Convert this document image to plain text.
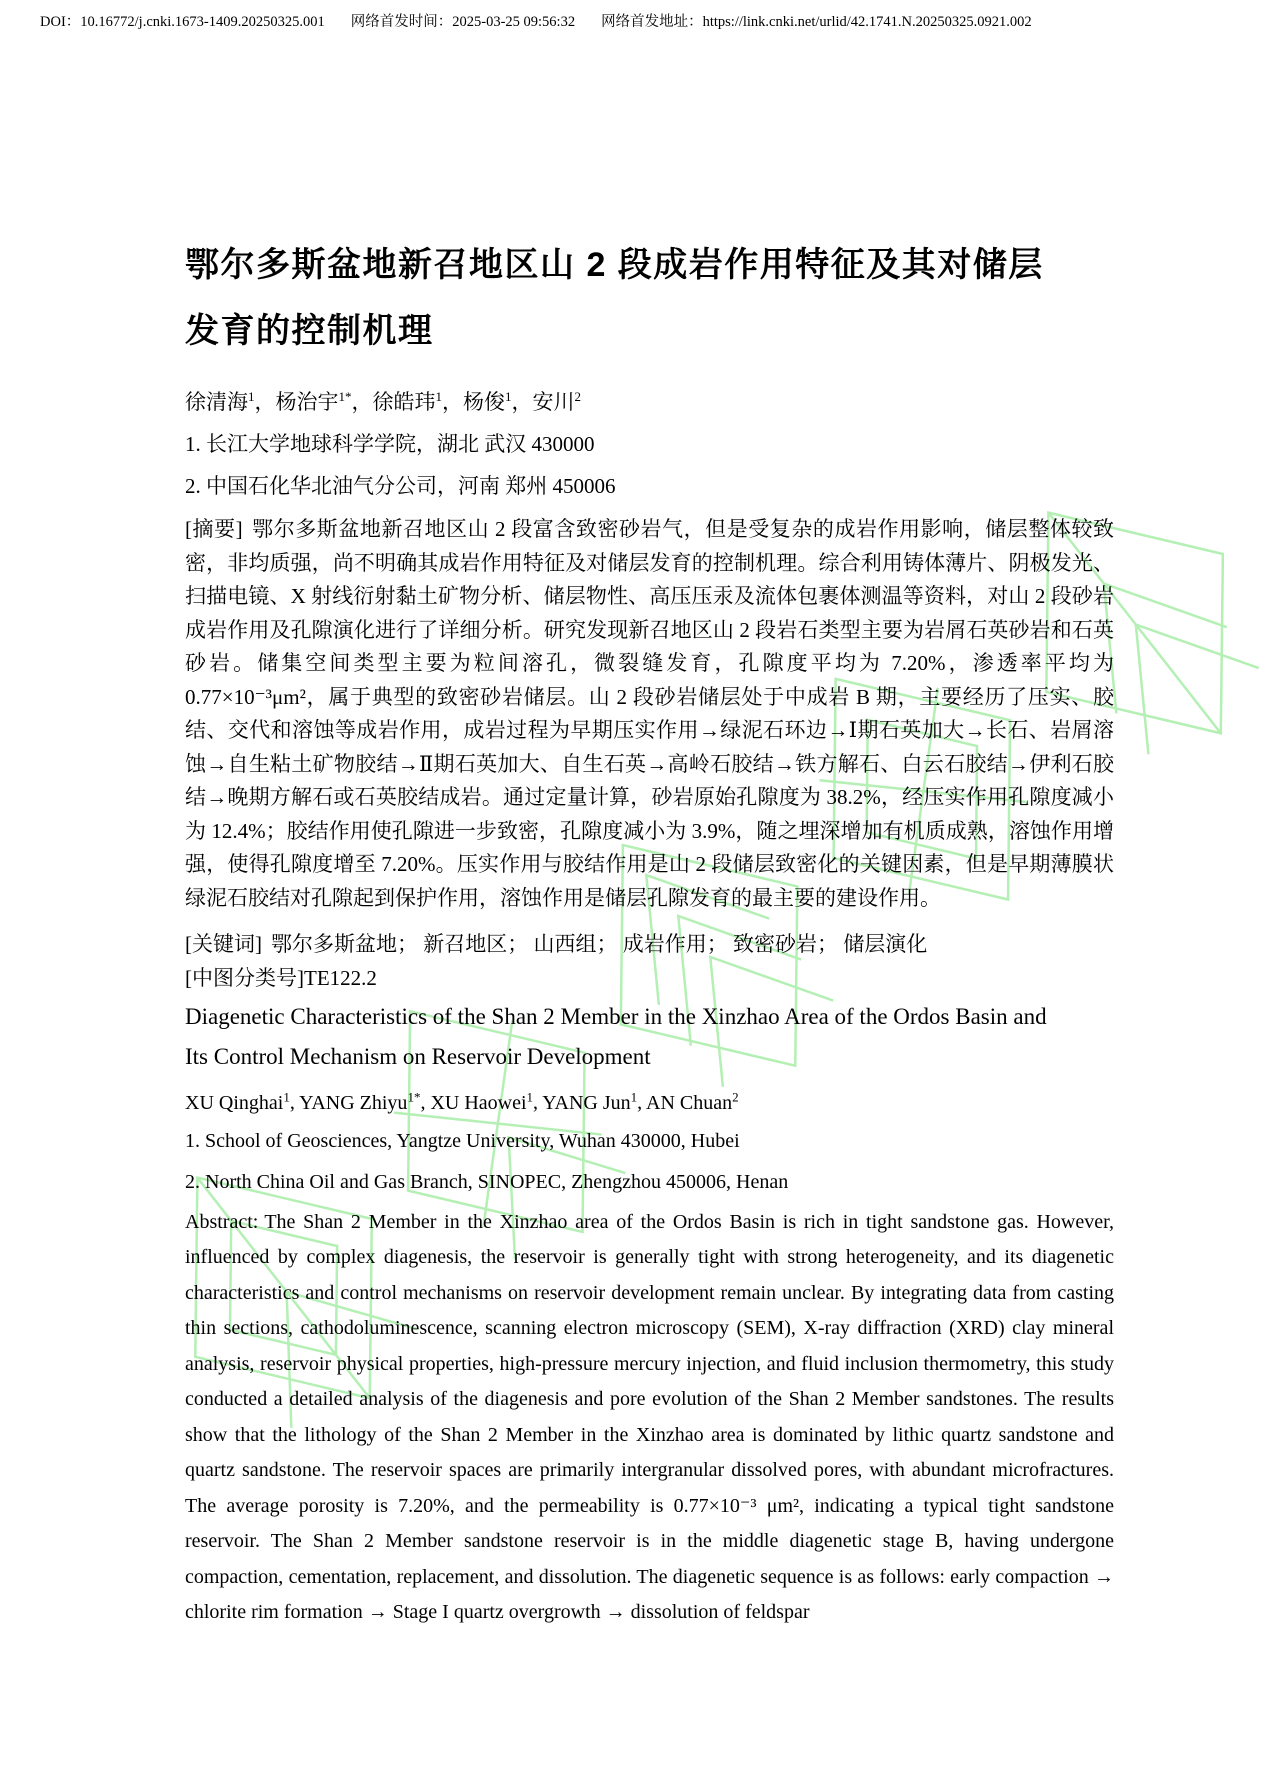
DOI：10.16772/j.cnki.1673-1409.20250325.001 网络首发时间：2025-03-25 09:56:32 网络首发地址：https://link.cnki.net/urlid/42.1741.N.20250325.0921.002
鄂尔多斯盆地新召地区山 2 段成岩作用特征及其对储层
发育的控制机理

徐清海$^1$，杨治宇$^{1*}$，徐皓玮$^1$，杨俊$^1$，安川$^2$

1. 长江大学地球科学学院，湖北 武汉 430000

2. 中国石化华北油气分公司，河南 郑州 450006

[摘要] 鄂尔多斯盆地新召地区山 2 段富含致密砂岩气，但是受复杂的成岩作用影响，储层整体较致密，非均质强，尚不明确其成岩作用特征及对储层发育的控制机理。综合利用铸体薄片、阴极发光、扫描电镜、X 射线衍射黏土矿物分析、储层物性、高压压汞及流体包裹体测温等资料，对山 2 段砂岩成岩作用及孔隙演化进行了详细分析。研究发现新召地区山 2 段岩石类型主要为岩屑石英砂岩和石英砂岩。储集空间类型主要为粒间溶孔，微裂缝发育，孔隙度平均为 7.20%，渗透率平均为 0.77×10⁻³μm²，属于典型的致密砂岩储层。山 2 段砂岩储层处于中成岩 B 期，主要经历了压实、胶结、交代和溶蚀等成岩作用，成岩过程为早期压实作用→绿泥石环边→Ⅰ期石英加大→长石、岩屑溶蚀→自生粘土矿物胶结→Ⅱ期石英加大、自生石英→高岭石胶结→铁方解石、白云石胶结→伊利石胶结→晚期方解石或石英胶结成岩。通过定量计算，砂岩原始孔隙度为 38.2%，经压实作用孔隙度减小为 12.4%；胶结作用使孔隙进一步致密，孔隙度减小为 3.9%，随之埋深增加有机质成熟，溶蚀作用增强，使得孔隙度增至 7.20%。压实作用与胶结作用是山 2 段储层致密化的关键因素，但是早期薄膜状绿泥石胶结对孔隙起到保护作用，溶蚀作用是储层孔隙发育的最主要的建设作用。

[关键词] 鄂尔多斯盆地； 新召地区； 山西组； 成岩作用； 致密砂岩； 储层演化

[中图分类号]TE122.2

Diagenetic Characteristics of the Shan 2 Member in the Xinzhao Area of the Ordos Basin and
Its Control Mechanism on Reservoir Development

XU Qinghai$^1$, YANG Zhiyu$^{1*}$, XU Haowei$^1$, YANG Jun$^1$, AN Chuan$^2$

1. School of Geosciences, Yangtze University, Wuhan 430000, Hubei

2. North China Oil and Gas Branch, SINOPEC, Zhengzhou 450006, Henan

Abstract: The Shan 2 Member in the Xinzhao area of the Ordos Basin is rich in tight sandstone gas. However, influenced by complex diagenesis, the reservoir is generally tight with strong heterogeneity, and its diagenetic characteristics and control mechanisms on reservoir development remain unclear. By integrating data from casting thin sections, cathodoluminescence, scanning electron microscopy (SEM), X-ray diffraction (XRD) clay mineral analysis, reservoir physical properties, high-pressure mercury injection, and fluid inclusion thermometry, this study conducted a detailed analysis of the diagenesis and pore evolution of the Shan 2 Member sandstones. The results show that the lithology of the Shan 2 Member in the Xinzhao area is dominated by lithic quartz sandstone and quartz sandstone. The reservoir spaces are primarily intergranular dissolved pores, with abundant microfractures. The average porosity is 7.20%, and the permeability is 0.77×10⁻³ μm², indicating a typical tight sandstone reservoir. The Shan 2 Member sandstone reservoir is in the middle diagenetic stage B, having undergone compaction, cementation, replacement, and dissolution. The diagenetic sequence is as follows: early compaction → chlorite rim formation → Stage I quartz overgrowth → dissolution of feldspar
